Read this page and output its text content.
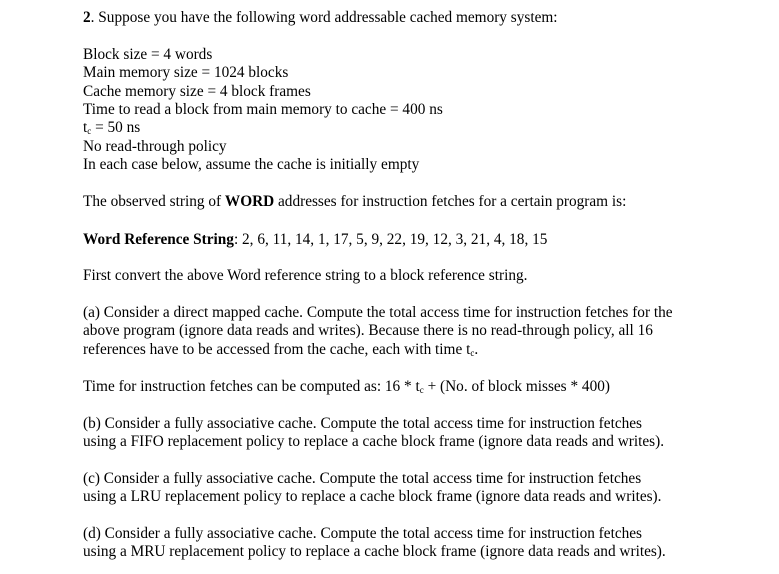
2. Suppose you have the following word addressable cached memory system:
Block size = 4 words
Main memory size = 1024 blocks
Cache memory size = 4 block frames
Time to read a block from main memory to cache = 400 ns
$t_c = 50$ ns
No read-through policy
In each case below, assume the cache is initially empty
The observed string of WORD addresses for instruction fetches for a certain program is:
Word Reference String: 2, 6, 11, 14, 1, 17, 5, 9, 22, 19, 12, 3, 21, 4, 18, 15
First convert the above Word reference string to a block reference string.
(a) Consider a direct mapped cache. Compute the total access time for instruction fetches for the
above program (ignore data reads and writes). Because there is no read-through policy, all 16
references have to be accessed from the cache, each with time $t_c$.
Time for instruction fetches can be computed as: $16 * t_c + (No$. of block misses * 400)
(b) Consider a fully associative cache. Compute the total access time for instruction fetches
using a FIFO replacement policy to replace a cache block frame (ignore data reads and writes).
(c) Consider a fully associative cache. Compute the total access time for instruction fetches
using a LRU replacement policy to replace a cache block frame (ignore data reads and writes).
(d) Consider a fully associative cache. Compute the total access time for instruction fetches
using a MRU replacement policy to replace a cache block frame (ignore data reads and writes).
